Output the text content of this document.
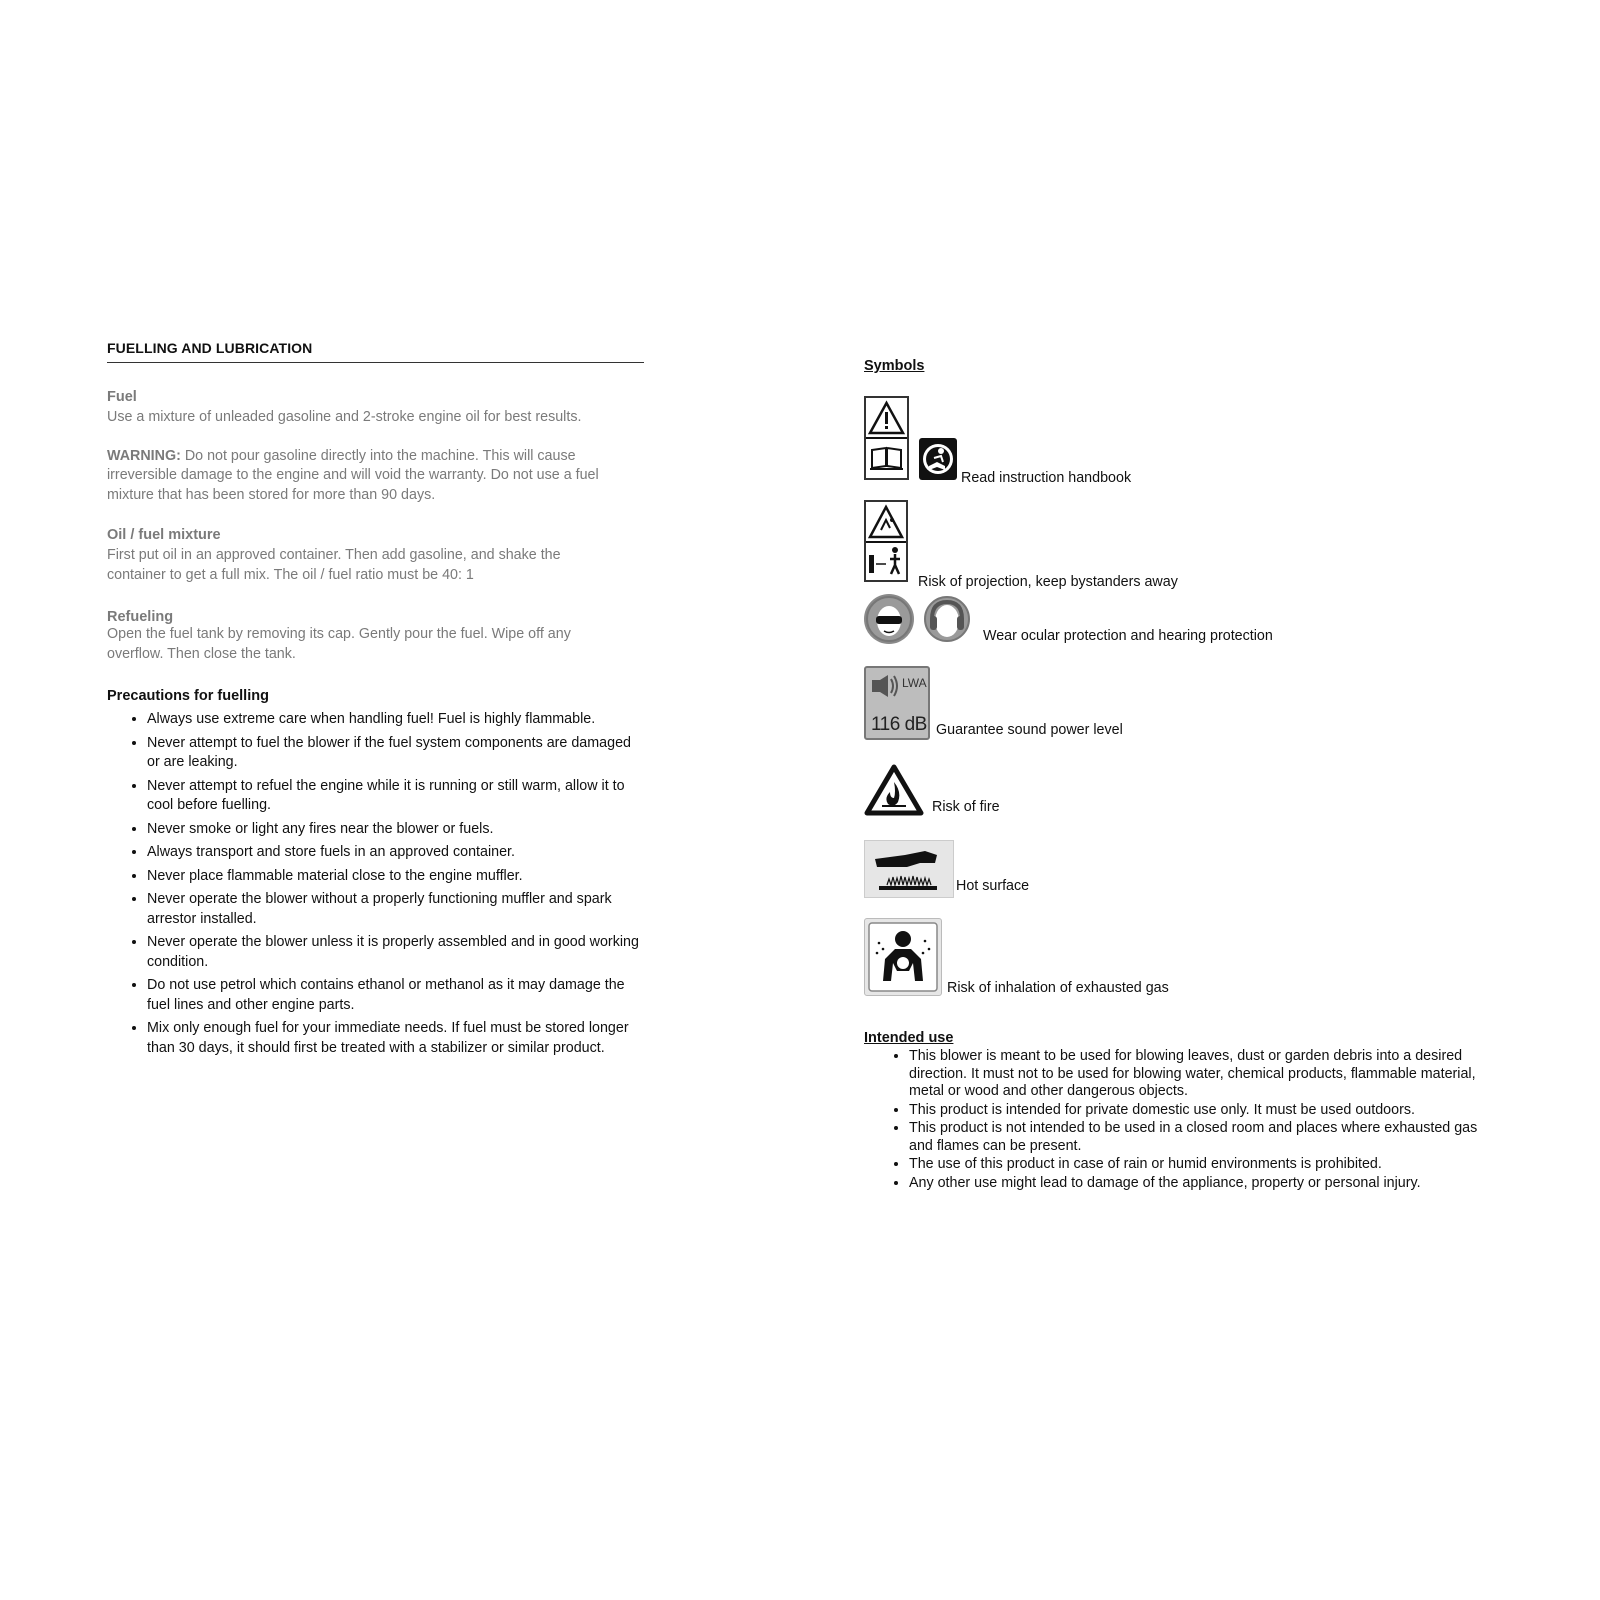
FUELLING AND LUBRICATION
Fuel
Use a mixture of unleaded gasoline and 2-stroke engine oil for best results.
WARNING: Do not pour gasoline directly into the machine. This will cause irreversible damage to the engine and will void the warranty. Do not use a fuel mixture that has been stored for more than 90 days.
Oil / fuel mixture
First put oil in an approved container. Then add gasoline, and shake the container to get a full mix. The oil / fuel ratio must be 40: 1
Refueling
Open the fuel tank by removing its cap. Gently pour the fuel. Wipe off any overflow. Then close the tank.
Precautions for fuelling
• Always use extreme care when handling fuel! Fuel is highly flammable.
• Never attempt to fuel the blower if the fuel system components are damaged or are leaking.
• Never attempt to refuel the engine while it is running or still warm, allow it to cool before fuelling.
• Never smoke or light any fires near the blower or fuels.
• Always transport and store fuels in an approved container.
• Never place flammable material close to the engine muffler.
• Never operate the blower without a properly functioning muffler and spark arrestor installed.
• Never operate the blower unless it is properly assembled and in good working condition.
• Do not use petrol which contains ethanol or methanol as it may damage the fuel lines and other engine parts.
• Mix only enough fuel for your immediate needs. If fuel must be stored longer than 30 days, it should first be treated with a stabilizer or similar product.
Symbols
Read instruction handbook
Risk of projection, keep bystanders away
Wear ocular protection and hearing protection
LWA
116 dB Guarantee sound power level
Risk of fire
Hot surface
Risk of inhalation of exhausted gas
Intended use
• This blower is meant to be used for blowing leaves, dust or garden debris into a desired direction. It must not to be used for blowing water, chemical products, flammable material, metal or wood and other dangerous objects.
• This product is intended for private domestic use only. It must be used outdoors.
• This product is not intended to be used in a closed room and places where exhausted gas and flames can be present.
• The use of this product in case of rain or humid environments is prohibited.
• Any other use might lead to damage of the appliance, property or personal injury.
